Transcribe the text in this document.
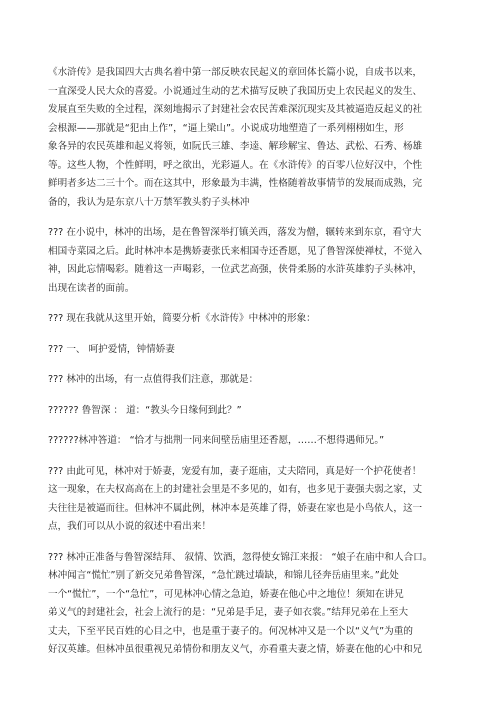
《水浒传》是我国四大古典名着中第一部反映农民起义的章回体长篇小说，自成书以来，
一直深受人民大众的喜爱。小说通过生动的艺术描写反映了我国历史上农民起义的发生、
发展直至失败的全过程，深刻地揭示了封建社会农民苦难深沉现实及其被逼造反起义的社
会根源——那就是“犯由上作”，“逼上梁山”。小说成功地塑造了一系列栩栩如生，形
象各异的农民英雄和起义将领，如阮氏三雄、李逵、解珍解宝、鲁达、武松、石秀、杨雄
等。这些人物，个性鲜明，呼之欲出，光彩逼人。在《水浒传》的百零八位好汉中，个性
鲜明者多达二三十个。而在这其中，形象最为丰满，性格随着故事情节的发展而成熟，完
备的，我认为是东京八十万禁军教头豹子头林冲
??? 在小说中，林冲的出场，是在鲁智深举打镇关西，落发为僧，辗转来到东京，看守大
相国寺菜园之后。此时林冲本是携娇妻张氏来相国寺还香愿，见了鲁智深使禅杖，不觉入
神，因此忘情喝彩。随着这一声喝彩，一位武艺高强，侠骨柔肠的水浒英雄豹子头林冲，
出现在读者的面前。
??? 现在我就从这里开始，简要分析《水浒传》中林冲的形象：
??? 一、 呵护爱情，钟情娇妻
??? 林冲的出场，有一点值得我们注意，那就是：
?????? 鲁智深 ： 道：“教头今日缘何到此？”
??????林冲答道： “恰才与拙荆一同来间壁岳庙里还香愿，……不想得遇师兄。”
??? 由此可见，林冲对于娇妻，宠爱有加，妻子逛庙，丈夫陪同，真是好一个护花使者！
这一现象，在夫权高高在上的封建社会里是不多见的，如有，也多见于妻强夫弱之家，丈
夫往往是被逼而往。但林冲不属此例，林冲本是英雄了得，娇妻在家也是小鸟依人，这一
点，我们可以从小说的叙述中看出来！
??? 林冲正准备与鲁智深结拜、 叙情、饮酒，忽得使女锦江来报： “娘子在庙中和人合口。
林冲闻言“慌忙”别了新交兄弟鲁智深，“急忙跳过墙缺，和锦儿径奔岳庙里来。”此处
一个“慌忙”，一个“急忙”，可见林冲心情之急迫，娇妻在他心中之地位！须知在讲兄
弟义气的封建社会，社会上流行的是：“兄弟是手足，妻子如衣裳。”结拜兄弟在上至大
丈夫，下至平民百姓的心目之中，也是重于妻子的。何况林冲又是一个以“义气”为重的
好汉英雄。但林冲虽很重视兄弟情份和朋友义气，亦看重夫妻之情，娇妻在他的心中和兄
